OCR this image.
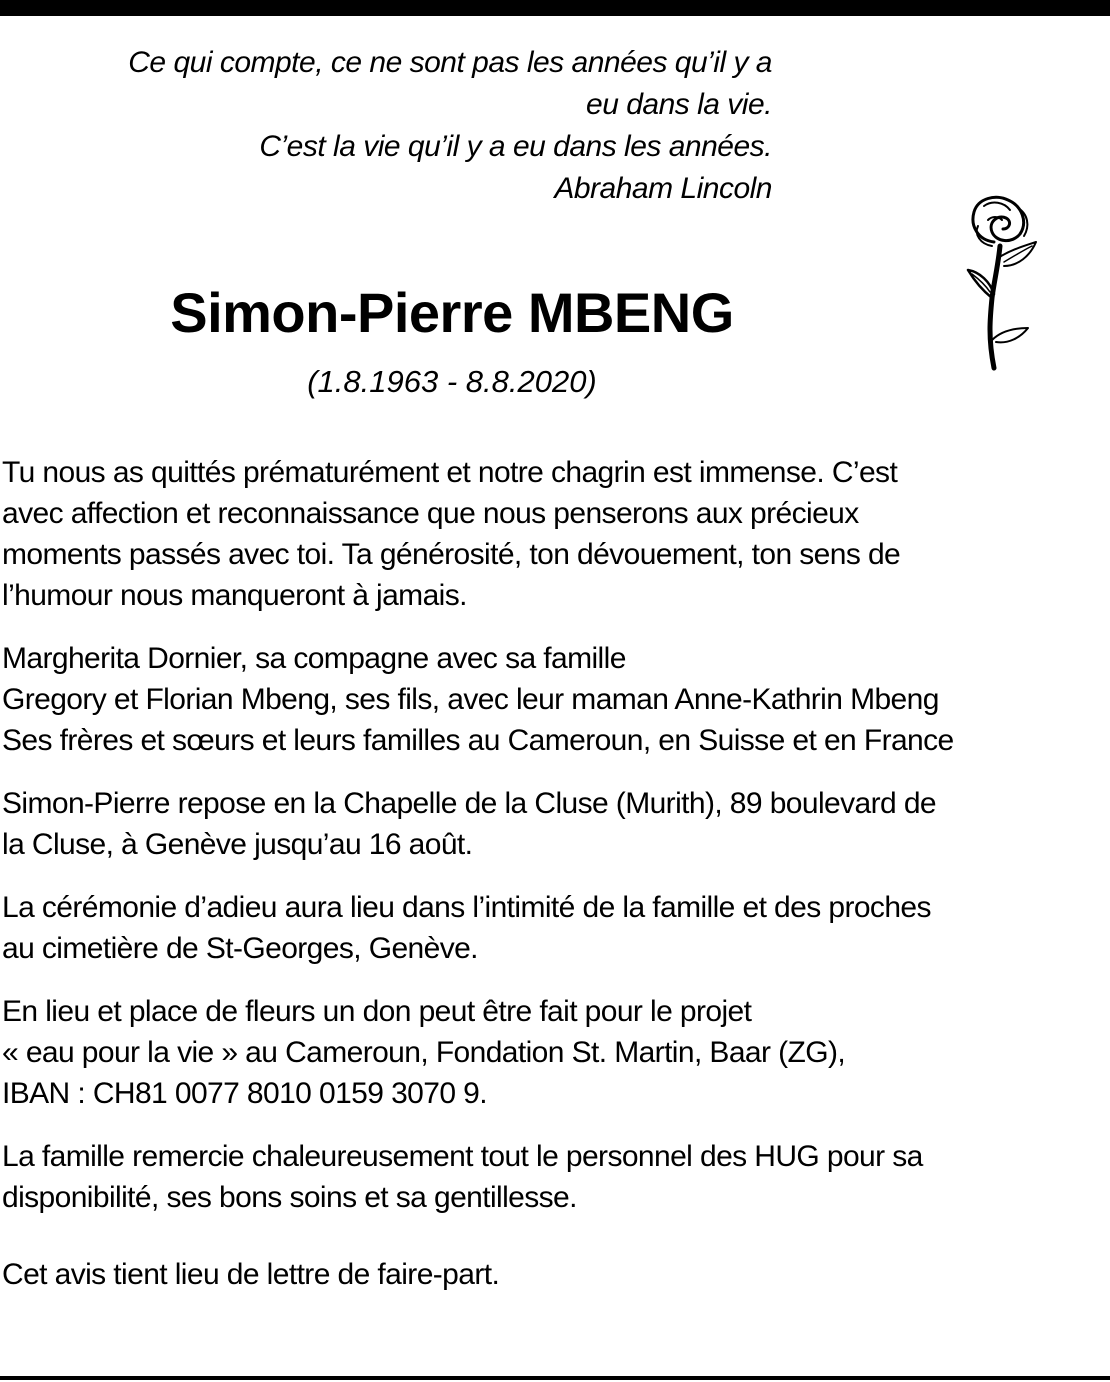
Ce qui compte, ce ne sont pas les années qu’il y a
eu dans la vie.
C’est la vie qu’il y a eu dans les années.
Abraham Lincoln
Simon-Pierre MBENG
(1.8.1963 - 8.8.2020)
Tu nous as quittés prématurément et notre chagrin est immense. C’est
avec affection et reconnaissance que nous penserons aux précieux
moments passés avec toi. Ta générosité, ton dévouement, ton sens de
l’humour nous manqueront à jamais.
Margherita Dornier, sa compagne avec sa famille
Gregory et Florian Mbeng, ses fils, avec leur maman Anne-Kathrin Mbeng
Ses frères et sœurs et leurs familles au Cameroun, en Suisse et en France
Simon-Pierre repose en la Chapelle de la Cluse (Murith), 89 boulevard de
la Cluse, à Genève jusqu’au 16 août.
La cérémonie d’adieu aura lieu dans l’intimité de la famille et des proches
au cimetière de St-Georges, Genève.
En lieu et place de fleurs un don peut être fait pour le projet
« eau pour la vie » au Cameroun, Fondation St. Martin, Baar (ZG),
IBAN : CH81 0077 8010 0159 3070 9.
La famille remercie chaleureusement tout le personnel des HUG pour sa
disponibilité, ses bons soins et sa gentillesse.
Cet avis tient lieu de lettre de faire-part.
